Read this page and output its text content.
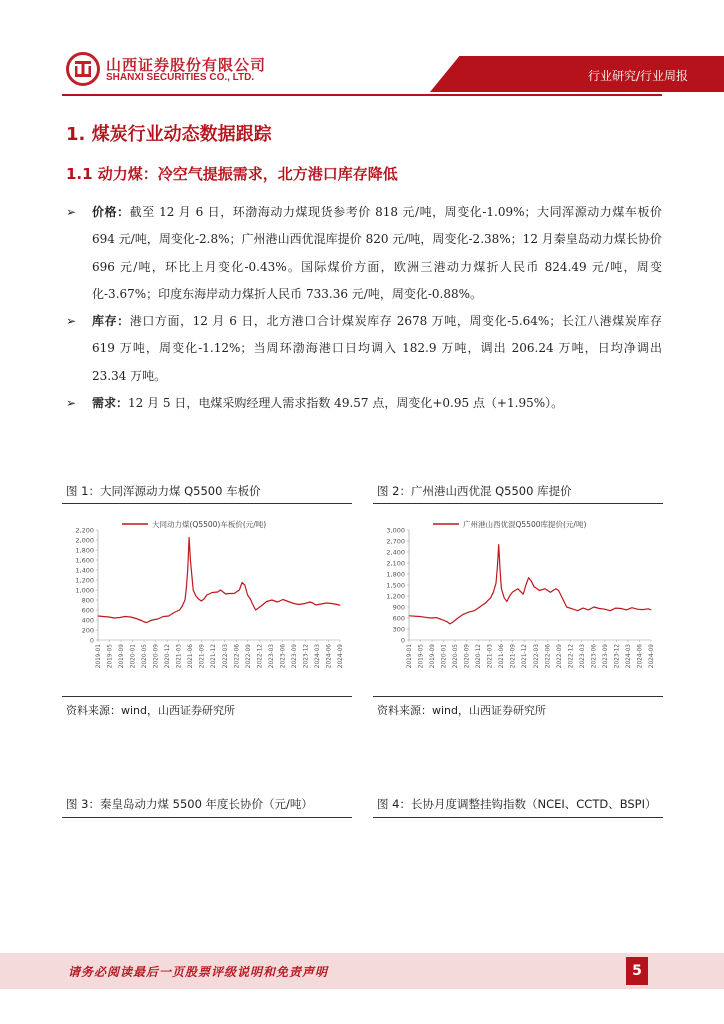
山西证券股份有限公司
SHANXI SECURITIES CO., LTD.	行业研究/行业周报
1. 煤炭行业动态数据跟踪
1.1 动力煤：冷空气提振需求，北方港口库存降低
➢ 价格：截至 12 月 6 日，环渤海动力煤现货参考价 818 元/吨，周变化-1.09%；大同浑源动力煤车板价 694 元/吨，周变化-2.8%；广州港山西优混库提价 820 元/吨，周变化-2.38%；12 月秦皇岛动力煤长协价 696 元/吨，环比上月变化-0.43%。国际煤价方面，欧洲三港动力煤折人民币 824.49 元/吨，周变化-3.67%；印度东海岸动力煤折人民币 733.36 元/吨，周变化-0.88%。
➢ 库存：港口方面，12 月 6 日，北方港口合计煤炭库存 2678 万吨，周变化-5.64%；长江八港煤炭库存 619 万吨，周变化-1.12%；当周环渤海港口日均调入 182.9 万吨，调出 206.24 万吨，日均净调出 23.34 万吨。
➢ 需求：12 月 5 日，电煤采购经理人需求指数 49.57 点，周变化+0.95 点（+1.95%）。
图 1：大同浑源动力煤 Q5500 车板价
大同动力煤(Q5500)车板价(元/吨)
0
200
400
600
800
1,000
1,200
1,400
1,600
1,800
2,000
2,200
2019-01 2019-05 2019-09 2020-01 2020-05 2020-09 2020-12 2021-03 2021-06 2021-09 2021-12 2022-03 2022-06 2022-09 2022-12 2023-03 2023-06 2023-09 2023-12 2024-03 2024-06 2024-09
资料来源：wind，山西证券研究所
图 2：广州港山西优混 Q5500 库提价
广州港山西优混Q5500库提价(元/吨)
0
300
600
900
1,200
1,500
1,800
2,100
2,400
2,700
3,000
2019-01 2019-05 2019-09 2020-01 2020-05 2020-09 2020-12 2021-03 2021-06 2021-09 2021-12 2022-03 2022-06 2022-09 2022-12 2023-03 2023-06 2023-09 2023-12 2024-03 2024-06 2024-09
资料来源：wind，山西证券研究所
图 3：秦皇岛动力煤 5500 年度长协价（元/吨）	图 4：长协月度调整挂钩指数（NCEI、CCTD、BSPI）
请务必阅读最后一页股票评级说明和免责声明	5
